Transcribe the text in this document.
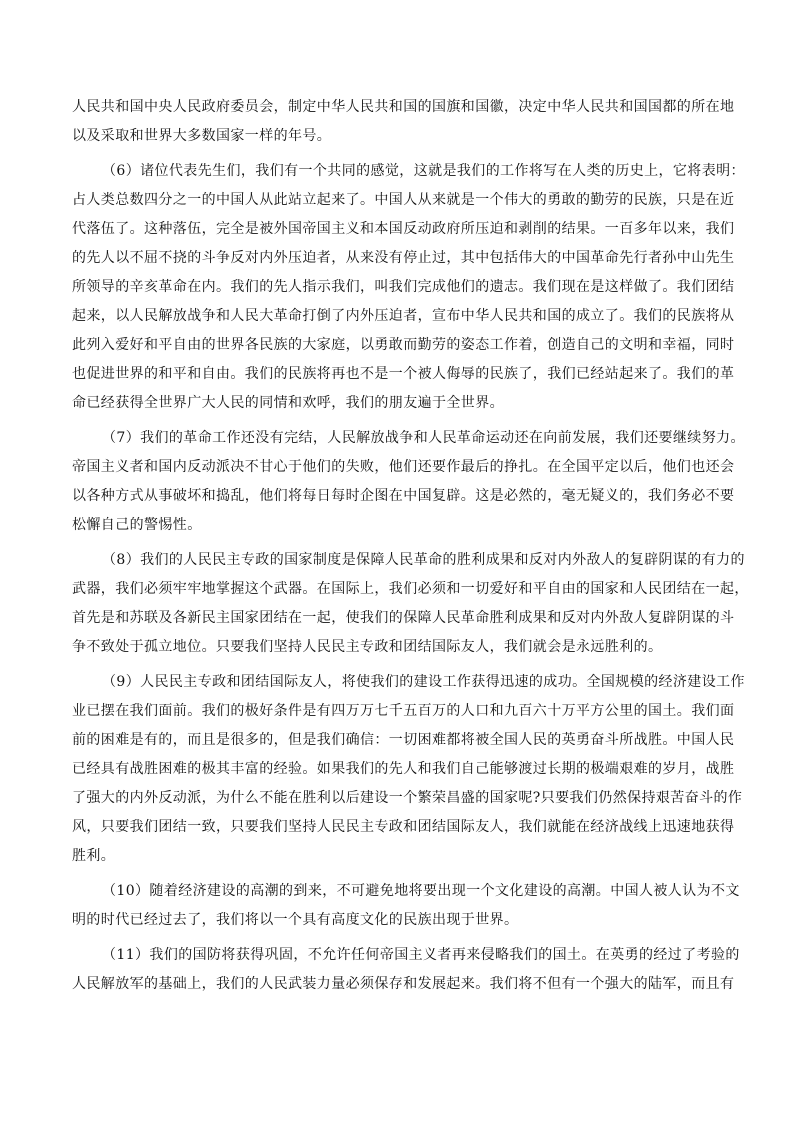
人民共和国中央人民政府委员会，制定中华人民共和国的国旗和国徽，决定中华人民共和国国都的所在地
以及采取和世界大多数国家一样的年号。
（6）诸位代表先生们，我们有一个共同的感觉，这就是我们的工作将写在人类的历史上，它将表明：
占人类总数四分之一的中国人从此站立起来了。中国人从来就是一个伟大的勇敢的勤劳的民族，只是在近
代落伍了。这种落伍，完全是被外国帝国主义和本国反动政府所压迫和剥削的结果。一百多年以来，我们
的先人以不屈不挠的斗争反对内外压迫者，从来没有停止过，其中包括伟大的中国革命先行者孙中山先生
所领导的辛亥革命在内。我们的先人指示我们，叫我们完成他们的遗志。我们现在是这样做了。我们团结
起来，以人民解放战争和人民大革命打倒了内外压迫者，宣布中华人民共和国的成立了。我们的民族将从
此列入爱好和平自由的世界各民族的大家庭，以勇敢而勤劳的姿态工作着，创造自己的文明和幸福，同时
也促进世界的和平和自由。我们的民族将再也不是一个被人侮辱的民族了，我们已经站起来了。我们的革
命已经获得全世界广大人民的同情和欢呼，我们的朋友遍于全世界。
（7）我们的革命工作还没有完结，人民解放战争和人民革命运动还在向前发展，我们还要继续努力。
帝国主义者和国内反动派决不甘心于他们的失败，他们还要作最后的挣扎。在全国平定以后，他们也还会
以各种方式从事破坏和捣乱，他们将每日每时企图在中国复辟。这是必然的，毫无疑义的，我们务必不要
松懈自己的警惕性。
（8）我们的人民民主专政的国家制度是保障人民革命的胜利成果和反对内外敌人的复辟阴谋的有力的
武器，我们必须牢牢地掌握这个武器。在国际上，我们必须和一切爱好和平自由的国家和人民团结在一起，
首先是和苏联及各新民主国家团结在一起，使我们的保障人民革命胜利成果和反对内外敌人复辟阴谋的斗
争不致处于孤立地位。只要我们坚持人民民主专政和团结国际友人，我们就会是永远胜利的。
（9）人民民主专政和团结国际友人，将使我们的建设工作获得迅速的成功。全国规模的经济建设工作
业已摆在我们面前。我们的极好条件是有四万万七千五百万的人口和九百六十万平方公里的国土。我们面
前的困难是有的，而且是很多的，但是我们确信：一切困难都将被全国人民的英勇奋斗所战胜。中国人民
已经具有战胜困难的极其丰富的经验。如果我们的先人和我们自己能够渡过长期的极端艰难的岁月，战胜
了强大的内外反动派，为什么不能在胜利以后建设一个繁荣昌盛的国家呢?只要我们仍然保持艰苦奋斗的作
风，只要我们团结一致，只要我们坚持人民民主专政和团结国际友人，我们就能在经济战线上迅速地获得
胜利。
（10）随着经济建设的高潮的到来，不可避免地将要出现一个文化建设的高潮。中国人被人认为不文
明的时代已经过去了，我们将以一个具有高度文化的民族出现于世界。
（11）我们的国防将获得巩固，不允许任何帝国主义者再来侵略我们的国土。在英勇的经过了考验的
人民解放军的基础上，我们的人民武装力量必须保存和发展起来。我们将不但有一个强大的陆军，而且有
